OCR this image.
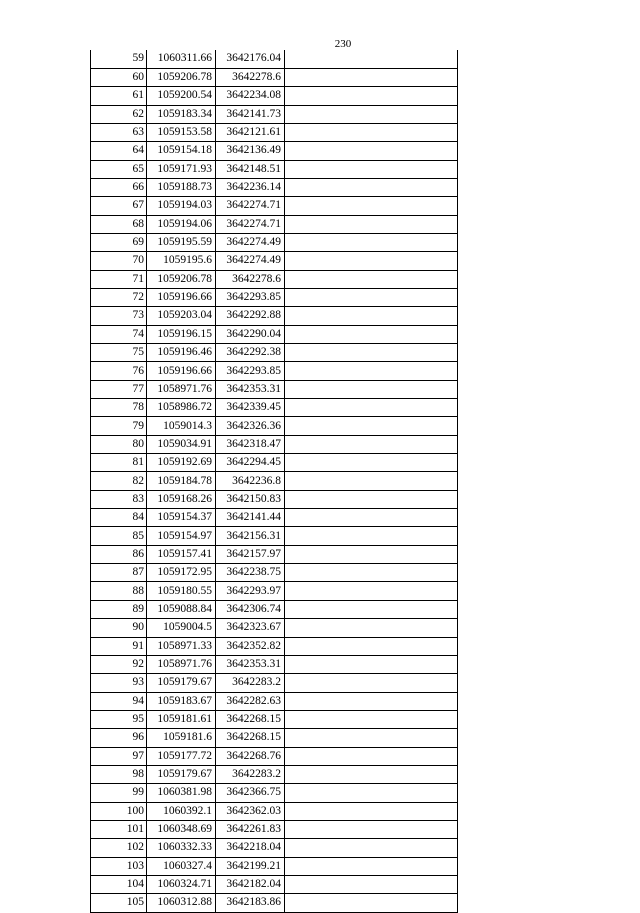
230
59	1060311.66	3642176.04	
60	1059206.78	3642278.6	
61	1059200.54	3642234.08	
62	1059183.34	3642141.73	
63	1059153.58	3642121.61	
64	1059154.18	3642136.49	
65	1059171.93	3642148.51	
66	1059188.73	3642236.14	
67	1059194.03	3642274.71	
68	1059194.06	3642274.71	
69	1059195.59	3642274.49	
70	1059195.6	3642274.49	
71	1059206.78	3642278.6	
72	1059196.66	3642293.85	
73	1059203.04	3642292.88	
74	1059196.15	3642290.04	
75	1059196.46	3642292.38	
76	1059196.66	3642293.85	
77	1058971.76	3642353.31	
78	1058986.72	3642339.45	
79	1059014.3	3642326.36	
80	1059034.91	3642318.47	
81	1059192.69	3642294.45	
82	1059184.78	3642236.8	
83	1059168.26	3642150.83	
84	1059154.37	3642141.44	
85	1059154.97	3642156.31	
86	1059157.41	3642157.97	
87	1059172.95	3642238.75	
88	1059180.55	3642293.97	
89	1059088.84	3642306.74	
90	1059004.5	3642323.67	
91	1058971.33	3642352.82	
92	1058971.76	3642353.31	
93	1059179.67	3642283.2	
94	1059183.67	3642282.63	
95	1059181.61	3642268.15	
96	1059181.6	3642268.15	
97	1059177.72	3642268.76	
98	1059179.67	3642283.2	
99	1060381.98	3642366.75	
100	1060392.1	3642362.03	
101	1060348.69	3642261.83	
102	1060332.33	3642218.04	
103	1060327.4	3642199.21	
104	1060324.71	3642182.04	
105	1060312.88	3642183.86	
